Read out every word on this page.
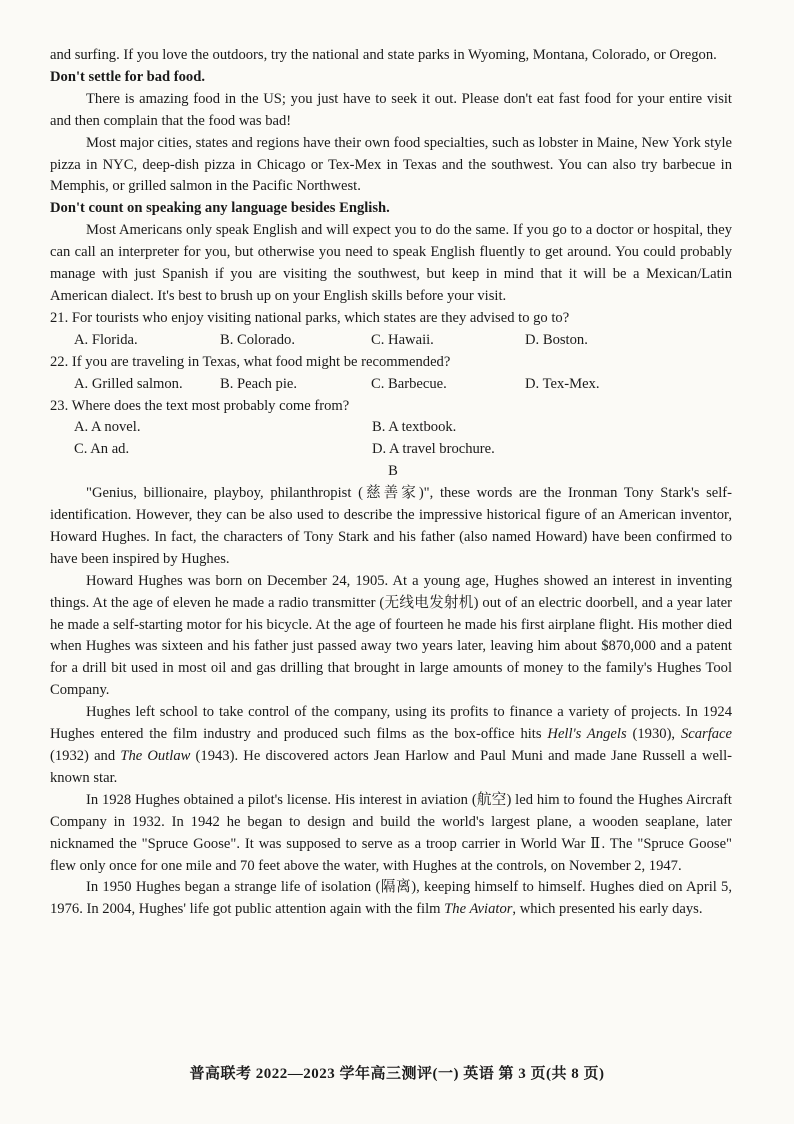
and surfing. If you love the outdoors, try the national and state parks in Wyoming, Montana, Colorado, or Oregon.

Don't settle for bad food.

There is amazing food in the US; you just have to seek it out. Please don't eat fast food for your entire visit and then complain that the food was bad!

Most major cities, states and regions have their own food specialties, such as lobster in Maine, New York style pizza in NYC, deep-dish pizza in Chicago or Tex-Mex in Texas and the southwest. You can also try barbecue in Memphis, or grilled salmon in the Pacific Northwest.

Don't count on speaking any language besides English.

Most Americans only speak English and will expect you to do the same. If you go to a doctor or hospital, they can call an interpreter for you, but otherwise you need to speak English fluently to get around. You could probably manage with just Spanish if you are visiting the southwest, but keep in mind that it will be a Mexican/Latin American dialect. It's best to brush up on your English skills before your visit.

21. For tourists who enjoy visiting national parks, which states are they advised to go to?

A. Florida.	B. Colorado.	C. Hawaii.	D. Boston.

22. If you are traveling in Texas, what food might be recommended?

A. Grilled salmon.	B. Peach pie.	C. Barbecue.	D. Tex-Mex.

23. Where does the text most probably come from?

A. A novel.	B. A textbook.
C. An ad.	D. A travel brochure.

B

"Genius, billionaire, playboy, philanthropist (慈善家)", these words are the Ironman Tony Stark's self-identification. However, they can be also used to describe the impressive historical figure of an American inventor, Howard Hughes. In fact, the characters of Tony Stark and his father (also named Howard) have been confirmed to have been inspired by Hughes.

Howard Hughes was born on December 24, 1905. At a young age, Hughes showed an interest in inventing things. At the age of eleven he made a radio transmitter (无线电发射机) out of an electric doorbell, and a year later he made a self-starting motor for his bicycle. At the age of fourteen he made his first airplane flight. His mother died when Hughes was sixteen and his father just passed away two years later, leaving him about $870,000 and a patent for a drill bit used in most oil and gas drilling that brought in large amounts of money to the family's Hughes Tool Company.

Hughes left school to take control of the company, using its profits to finance a variety of projects. In 1924 Hughes entered the film industry and produced such films as the box-office hits Hell's Angels (1930), Scarface (1932) and The Outlaw (1943). He discovered actors Jean Harlow and Paul Muni and made Jane Russell a well-known star.

In 1928 Hughes obtained a pilot's license. His interest in aviation (航空) led him to found the Hughes Aircraft Company in 1932. In 1942 he began to design and build the world's largest plane, a wooden seaplane, later nicknamed the "Spruce Goose". It was supposed to serve as a troop carrier in World War Ⅱ. The "Spruce Goose" flew only once for one mile and 70 feet above the water, with Hughes at the controls, on November 2, 1947.

In 1950 Hughes began a strange life of isolation (隔离), keeping himself to himself. Hughes died on April 5, 1976. In 2004, Hughes' life got public attention again with the film The Aviator, which presented his early days.

普高联考 2022—2023 学年高三测评(一) 英语 第 3 页(共 8 页)
